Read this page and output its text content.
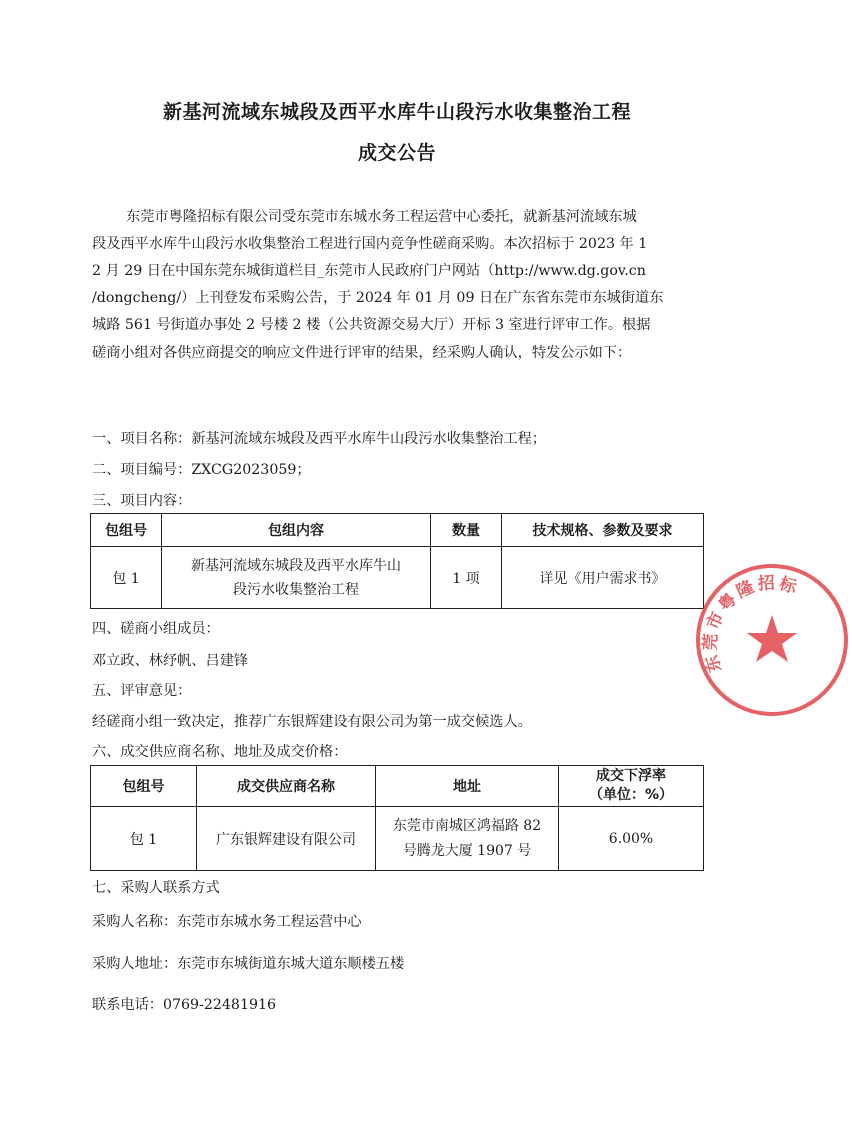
新基河流域东城段及西平水库牛山段污水收集整治工程
成交公告
东莞市粤隆招标有限公司受东莞市东城水务工程运营中心委托，就新基河流域东城
段及西平水库牛山段污水收集整治工程进行国内竞争性磋商采购。本次招标于 2023 年 1
2 月 29 日在中国东莞东城街道栏目_东莞市人民政府门户网站（http://www.dg.gov.cn
/dongcheng/）上刊登发布采购公告，于 2024 年 01 月 09 日在广东省东莞市东城街道东
城路 561 号街道办事处 2 号楼 2 楼（公共资源交易大厅）开标 3 室进行评审工作。根据
磋商小组对各供应商提交的响应文件进行评审的结果，经采购人确认，特发公示如下：
一、项目名称：新基河流域东城段及西平水库牛山段污水收集整治工程；
二、项目编号：ZXCG2023059；
三、项目内容：
包组号	包组内容	数量	技术规格、参数及要求
包 1	新基河流域东城段及西平水库牛山
段污水收集整治工程	1 项	详见《用户需求书》
四、磋商小组成员：
邓立政、林纾帆、吕建锋
五、评审意见：
经磋商小组一致决定，推荐广东银辉建设有限公司为第一成交候选人。
六、成交供应商名称、地址及成交价格：
包组号	成交供应商名称	地址	成交下浮率
（单位：%）

包 1	广东银辉建设有限公司	东莞市南城区鸿福路 82
号腾龙大厦 1907 号	6.00%
七、采购人联系方式
采购人名称：东莞市东城水务工程运营中心
采购人地址：东莞市东城街道东城大道东顺楼五楼
联系电话：0769-22481916
东莞市粤隆招标
